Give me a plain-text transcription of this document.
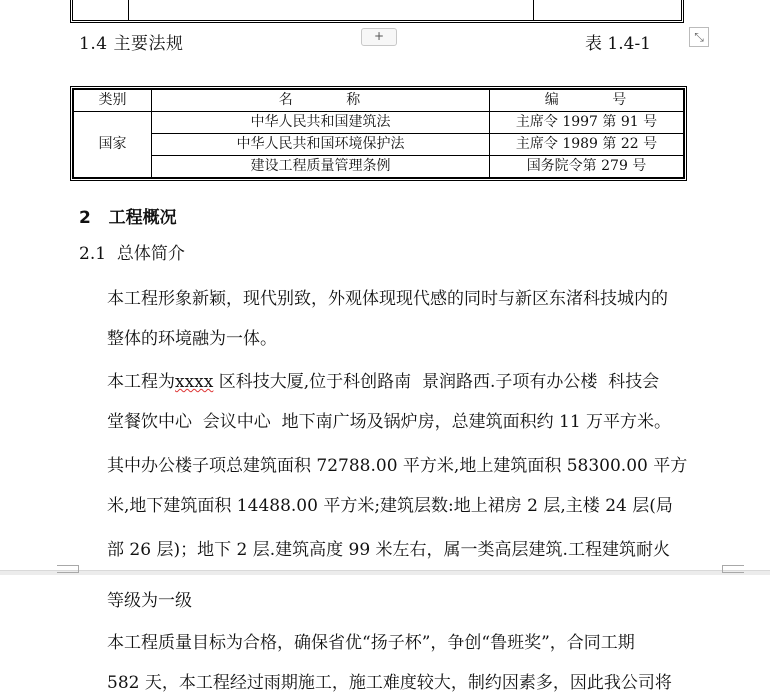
1.4 主要法规	+	表 1.4-1	⤡
类别	名        称	编        号
国家	中华人民共和国建筑法	主席令 1997 第 91 号
	中华人民共和国环境保护法	主席令 1989 第 22 号
	建设工程质量管理条例	国务院令第 279 号
2   工程概况
2.1  总体简介
本工程形象新颖，现代别致，外观体现现代感的同时与新区东渚科技城内的
整体的环境融为一体。
本工程为xxxx 区科技大厦,位于科创路南  景润路西.子项有办公楼  科技会
堂餐饮中心  会议中心  地下南广场及锅炉房，总建筑面积约 11 万平方米。
其中办公楼子项总建筑面积 72788.00 平方米,地上建筑面积 58300.00 平方
米,地下建筑面积 14488.00 平方米;建筑层数:地上裙房 2 层,主楼 24 层(局
部 26 层)；地下 2 层.建筑高度 99 米左右，属一类高层建筑.工程建筑耐火
等级为一级
本工程质量目标为合格，确保省优“扬子杯”，争创“鲁班奖”，合同工期
582 天，本工程经过雨期施工，施工难度较大，制约因素多，因此我公司将
